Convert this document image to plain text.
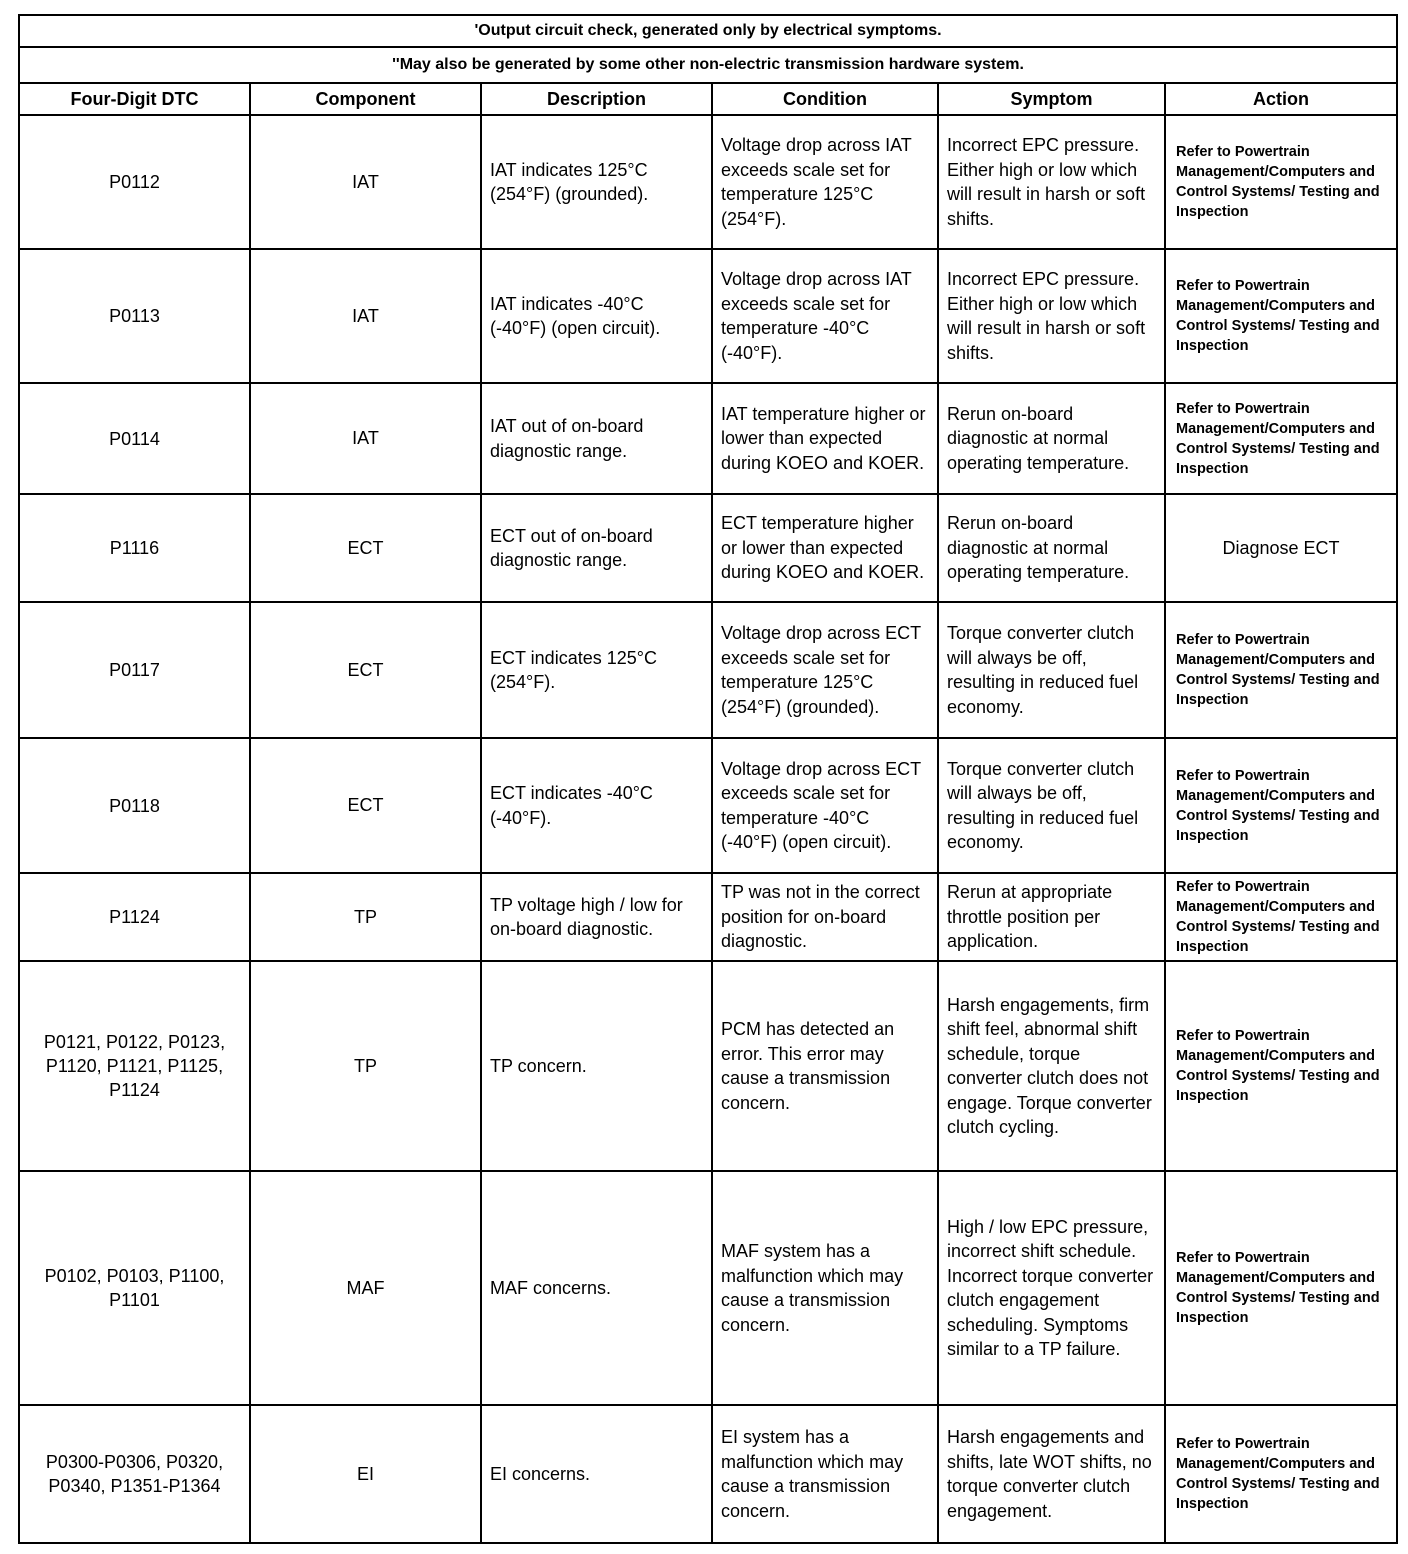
'Output circuit check, generated only by electrical symptoms.					
''May also be generated by some other non-electric transmission hardware system.					
Four-Digit DTC	Component	Description	Condition	Symptom	Action
P0112	IAT	IAT indicates 125°C (254°F) (grounded).	Voltage drop across IAT exceeds scale set for temperature 125°C (254°F).	Incorrect EPC pressure. Either high or low which will result in harsh or soft shifts.	Refer to Powertrain Management/Computers and Control Systems/ Testing and Inspection
P0113	IAT	IAT indicates -40°C (-40°F) (open circuit).	Voltage drop across IAT exceeds scale set for temperature -40°C (-40°F).	Incorrect EPC pressure. Either high or low which will result in harsh or soft shifts.	Refer to Powertrain Management/Computers and Control Systems/ Testing and Inspection
P0114	IAT	IAT out of on-board diagnostic range.	IAT temperature higher or lower than expected during KOEO and KOER.	Rerun on-board diagnostic at normal operating temperature.	Refer to Powertrain Management/Computers and Control Systems/ Testing and Inspection
P1116	ECT	ECT out of on-board diagnostic range.	ECT temperature higher or lower than expected during KOEO and KOER.	Rerun on-board diagnostic at normal operating temperature.	Diagnose ECT
P0117	ECT	ECT indicates 125°C (254°F).	Voltage drop across ECT exceeds scale set for temperature 125°C (254°F) (grounded).	Torque converter clutch will always be off, resulting in reduced fuel economy.	Refer to Powertrain Management/Computers and Control Systems/ Testing and Inspection
P0118	ECT	ECT indicates -40°C (-40°F).	Voltage drop across ECT exceeds scale set for temperature -40°C (-40°F) (open circuit).	Torque converter clutch will always be off, resulting in reduced fuel economy.	Refer to Powertrain Management/Computers and Control Systems/ Testing and Inspection
P1124	TP	TP voltage high / low for on-board diagnostic.	TP was not in the correct position for on-board diagnostic.	Rerun at appropriate throttle position per application.	Refer to Powertrain Management/Computers and Control Systems/ Testing and Inspection
P0121, P0122, P0123, P1120, P1121, P1125, P1124	TP	TP concern.	PCM has detected an error. This error may cause a transmission concern.	Harsh engagements, firm shift feel, abnormal shift schedule, torque converter clutch does not engage. Torque converter clutch cycling.	Refer to Powertrain Management/Computers and Control Systems/ Testing and Inspection
P0102, P0103, P1100, P1101	MAF	MAF concerns.	MAF system has a malfunction which may cause a transmission concern.	High / low EPC pressure, incorrect shift schedule. Incorrect torque converter clutch engagement scheduling. Symptoms similar to a TP failure.	Refer to Powertrain Management/Computers and Control Systems/ Testing and Inspection
P0300-P0306, P0320, P0340, P1351-P1364	EI	EI concerns.	EI system has a malfunction which may cause a transmission concern.	Harsh engagements and shifts, late WOT shifts, no torque converter clutch engagement.	Refer to Powertrain Management/Computers and Control Systems/ Testing and Inspection
